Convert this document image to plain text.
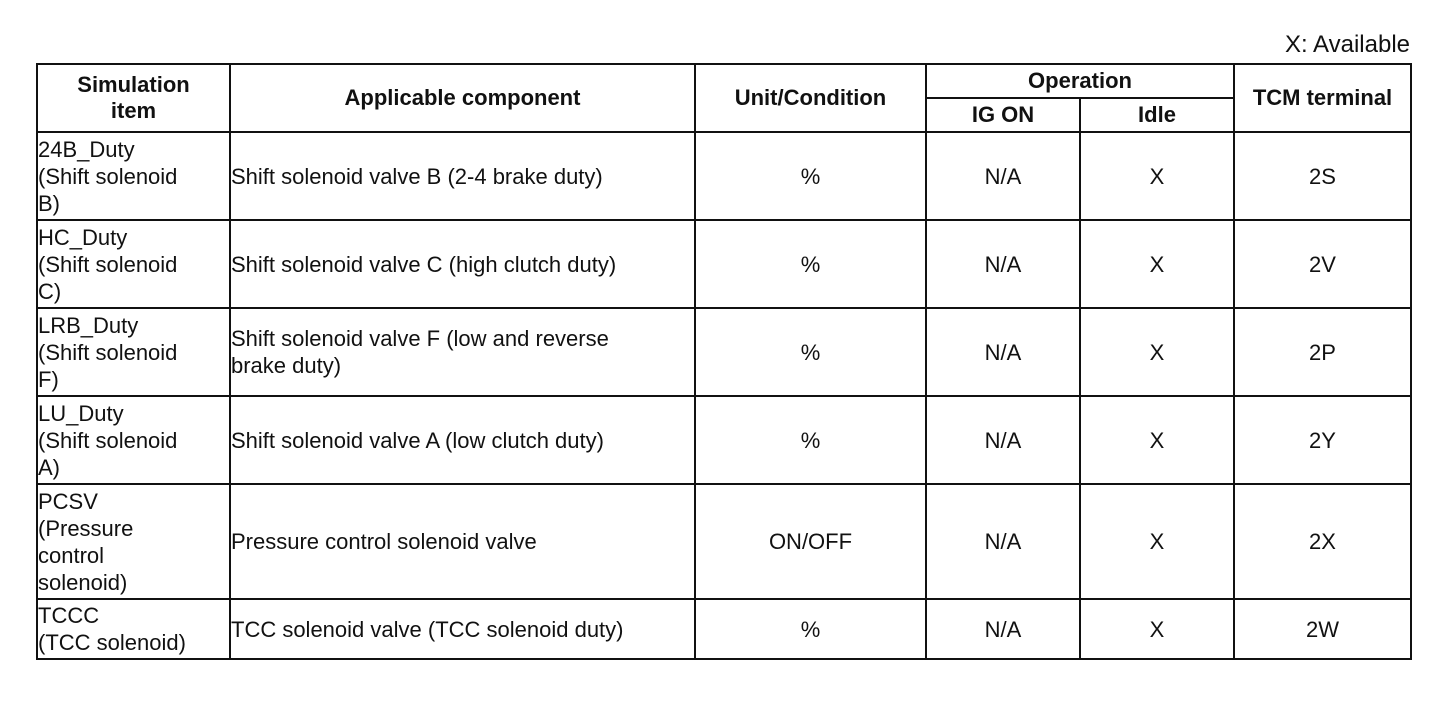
X: Available
Simulation
item	Applicable component	Unit/Condition	Operation		TCM terminal
			IG ON	Idle	
24B_Duty
(Shift solenoid
B)	Shift solenoid valve B (2-4 brake duty)	%	N/A	X	2S
HC_Duty
(Shift solenoid
C)	Shift solenoid valve C (high clutch duty)	%	N/A	X	2V
LRB_Duty
(Shift solenoid
F)	Shift solenoid valve F (low and reverse
brake duty)	%	N/A	X	2P
LU_Duty
(Shift solenoid
A)	Shift solenoid valve A (low clutch duty)	%	N/A	X	2Y
PCSV
(Pressure
control
solenoid)	Pressure control solenoid valve	ON/OFF	N/A	X	2X
TCCC
(TCC solenoid)	TCC solenoid valve (TCC solenoid duty)	%	N/A	X	2W
